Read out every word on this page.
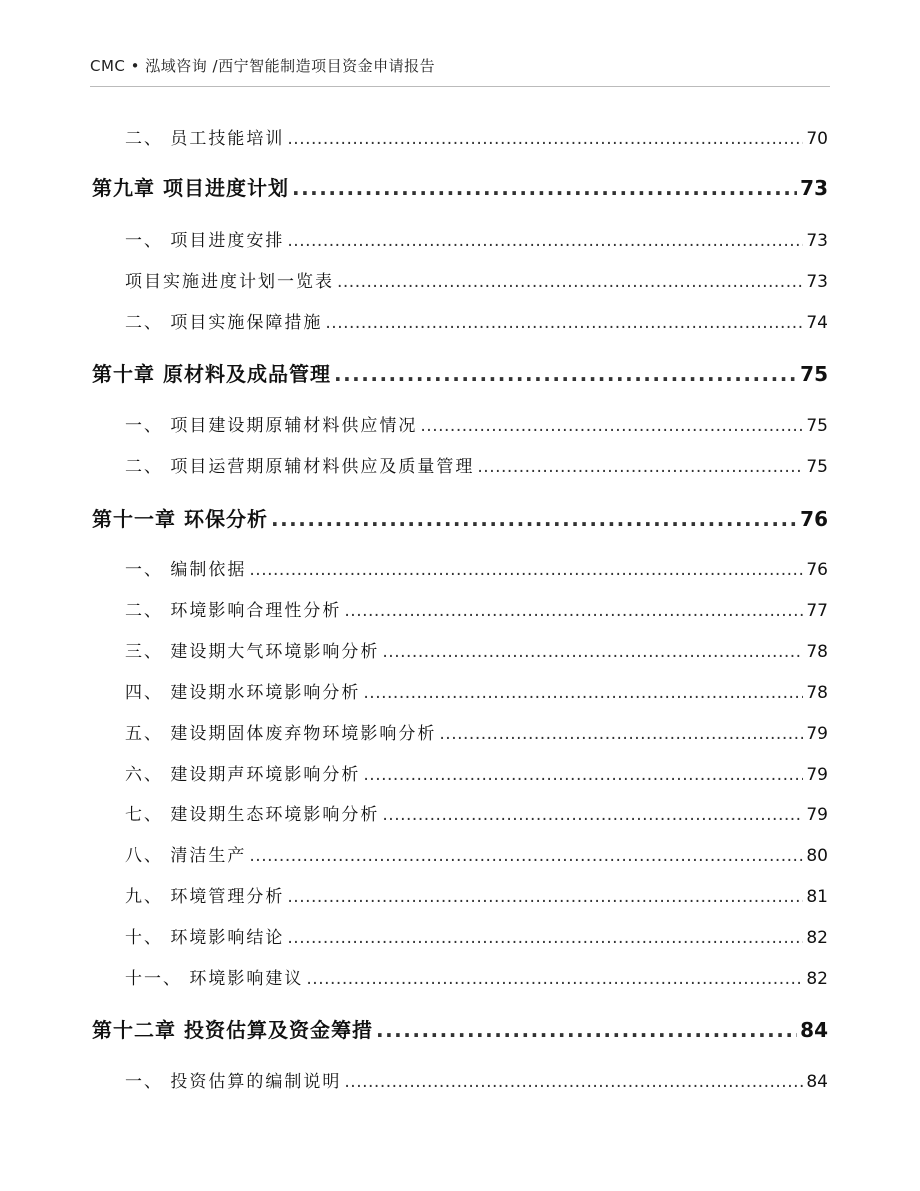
CMC • 泓域咨询 /西宁智能制造项目资金申请报告
二、 员工技能培训 .....	70
第九章 项目进度计划 .....	73
一、 项目进度安排 .....	73
项目实施进度计划一览表 .....	73
二、 项目实施保障措施 .....	74
第十章 原材料及成品管理 .....	75
一、 项目建设期原辅材料供应情况 .....	75
二、 项目运营期原辅材料供应及质量管理 .....	75
第十一章 环保分析 .....	76
一、 编制依据 .....	76
二、 环境影响合理性分析 .....	77
三、 建设期大气环境影响分析 .....	78
四、 建设期水环境影响分析 .....	78
五、 建设期固体废弃物环境影响分析 .....	79
六、 建设期声环境影响分析 .....	79
七、 建设期生态环境影响分析 .....	79
八、 清洁生产 .....	80
九、 环境管理分析 .....	81
十、 环境影响结论 .....	82
十一、 环境影响建议 .....	82
第十二章 投资估算及资金筹措 .....	84
一、 投资估算的编制说明 .....	84
